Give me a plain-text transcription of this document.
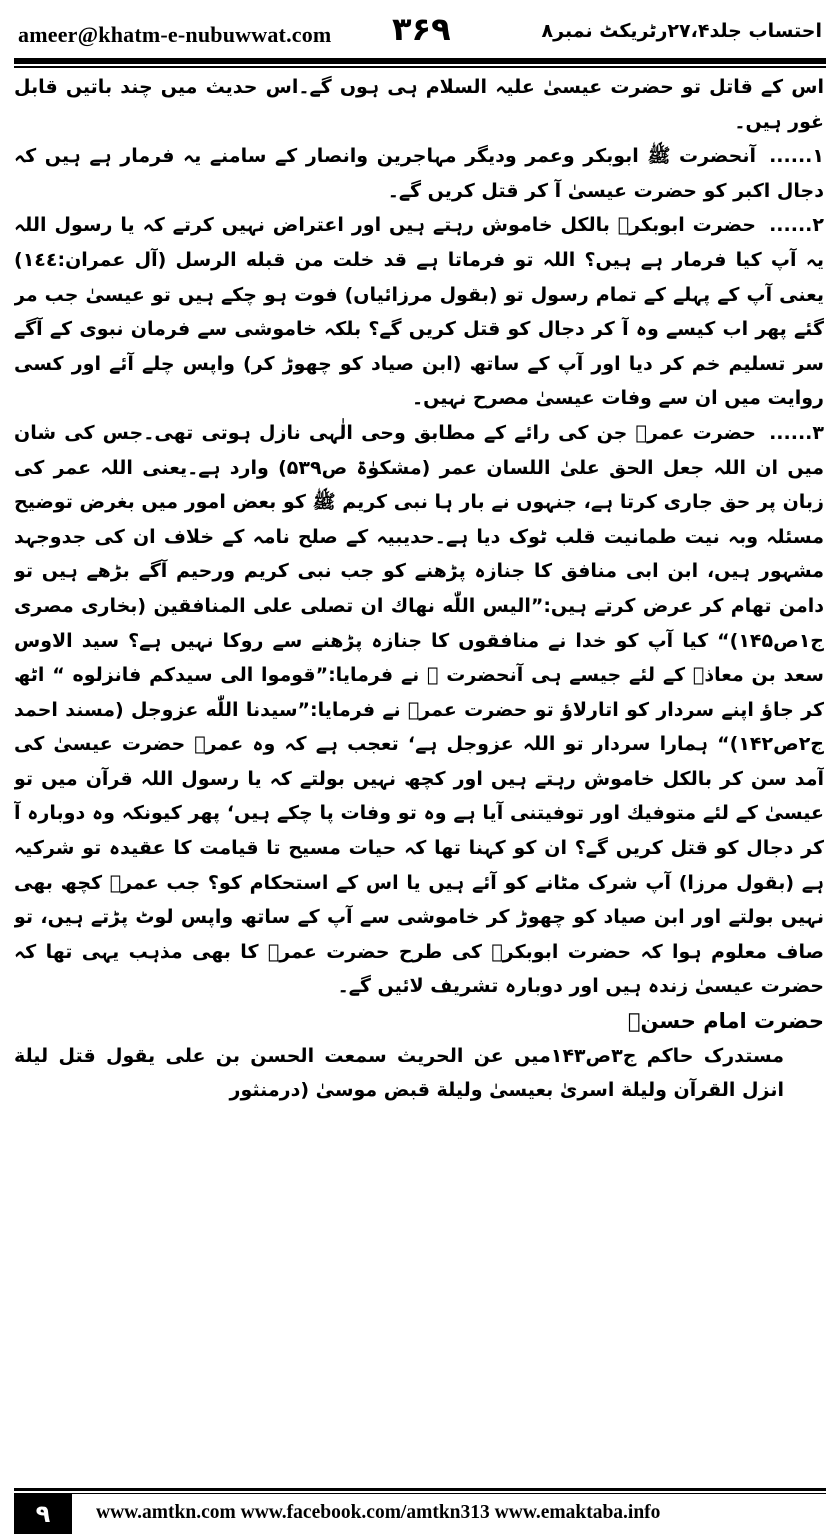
ameer@khatm-e-nubuwwat.com ۳۶۹	احتساب جلد۲۷،۴رٹریکٹ نمبر۸

اس کے قاتل تو حضرت عیسیٰ علیہ السلام ہی ہوں گے۔اس حدیث میں چند باتیں قابل غور ہیں۔

۱......آنحضرت ﷺ ابوبکر وعمر ودیگر مہاجرین وانصار کے سامنے یہ فرمار ہے ہیں کہ دجال اکبر کو حضرت عیسیٰ آ کر قتل کریں گے۔

۲......حضرت ابوبکرؓ بالکل خاموش رہتے ہیں اور اعتراض نہیں کرتے کہ یا رسول اللہ یہ آپ کیا فرمار ہے ہیں؟ اللہ تو فرماتا ہے قد خلت من قبله الرسل (آل عمران:۱٤٤) یعنی آپ کے پہلے کے تمام رسول تو (بقول مرزائیاں) فوت ہو چکے ہیں تو عیسیٰ جب مر گئے پھر اب کیسے وہ آ کر دجال کو قتل کریں گے؟ بلکہ خاموشی سے فرمان نبوی کے آگے سر تسلیم خم کر دیا اور آپ کے ساتھ (ابن صیاد کو چھوڑ کر) واپس چلے آئے اور کسی روایت میں ان سے وفات عیسیٰ مصرح نہیں۔

۳......حضرت عمرؓ جن کی رائے کے مطابق وحی الٰہی نازل ہوتی تھی۔جس کی شان میں ان اللہ جعل الحق علیٰ اللسان عمر (مشکوٰۃ ص۵۳۹) وارد ہے۔یعنی اللہ عمر کی زبان پر حق جاری کرتا ہے، جنہوں نے بار ہا نبی کریم ﷺ کو بعض امور میں بغرض توضیح مسئلہ وبہ نیت طمانیت قلب ٹوک دیا ہے۔حدیبیہ کے صلح نامہ کے خلاف ان کی جدوجہد مشہور ہیں، ابن ابی منافق کا جنازہ پڑھنے کو جب نبی کریم ورحیم آگے بڑھے ہیں تو دامن تھام کر عرض کرتے ہیں:”الیس اللّٰه نهاك ان تصلی علی المنافقین (بخاری مصری ج۱ص۱۴۵)“ کیا آپ کو خدا نے منافقوں کا جنازہ پڑھنے سے روکا نہیں ہے؟ سید الاوس سعد بن معاذؓ کے لئے جیسے ہی آنحضرت ﷺ نے فرمایا:”قوموا الی سیدکم فانزلوه “ اٹھ کر جاؤ اپنے سردار کو اتارلاؤ تو حضرت عمرؓ نے فرمایا:”سیدنا اللّٰه عزوجل (مسند احمد ج۲ص۱۴۲)“ ہمارا سردار تو اللہ عزوجل ہے‘ تعجب ہے کہ وہ عمرؓ حضرت عیسیٰ کی آمد سن کر بالکل خاموش رہتے ہیں اور کچھ نہیں بولتے کہ یا رسول اللہ قرآن میں تو عیسیٰ کے لئے متوفیك اور توفیتنی آیا ہے وہ تو وفات پا چکے ہیں‘ پھر کیونکہ وہ دوبارہ آ کر دجال کو قتل کریں گے؟ ان کو کہنا تھا کہ حیات مسیح تا قیامت کا عقیدہ تو شرکیہ ہے (بقول مرزا) آپ شرک مٹانے کو آئے ہیں یا اس کے استحکام کو؟ جب عمرؓ کچھ بھی نہیں بولتے اور ابن صیاد کو چھوڑ کر خاموشی سے آپ کے ساتھ واپس لوٹ پڑتے ہیں، تو صاف معلوم ہوا کہ حضرت ابوبکرؓ کی طرح حضرت عمرؓ کا بھی مذہب یہی تھا کہ حضرت عیسیٰ زندہ ہیں اور دوبارہ تشریف لائیں گے۔

حضرت امام حسنؓ

مستدرک حاکم ج۳ص۱۴۳میں عن الحریث سمعت الحسن بن علی یقول قتل لیلة انزل القرآن ولیلة اسریٰ بعیسیٰ ولیلة قبض موسیٰ (درمنثور

۹	www.amtkn.com www.facebook.com/amtkn313 www.emaktaba.info
